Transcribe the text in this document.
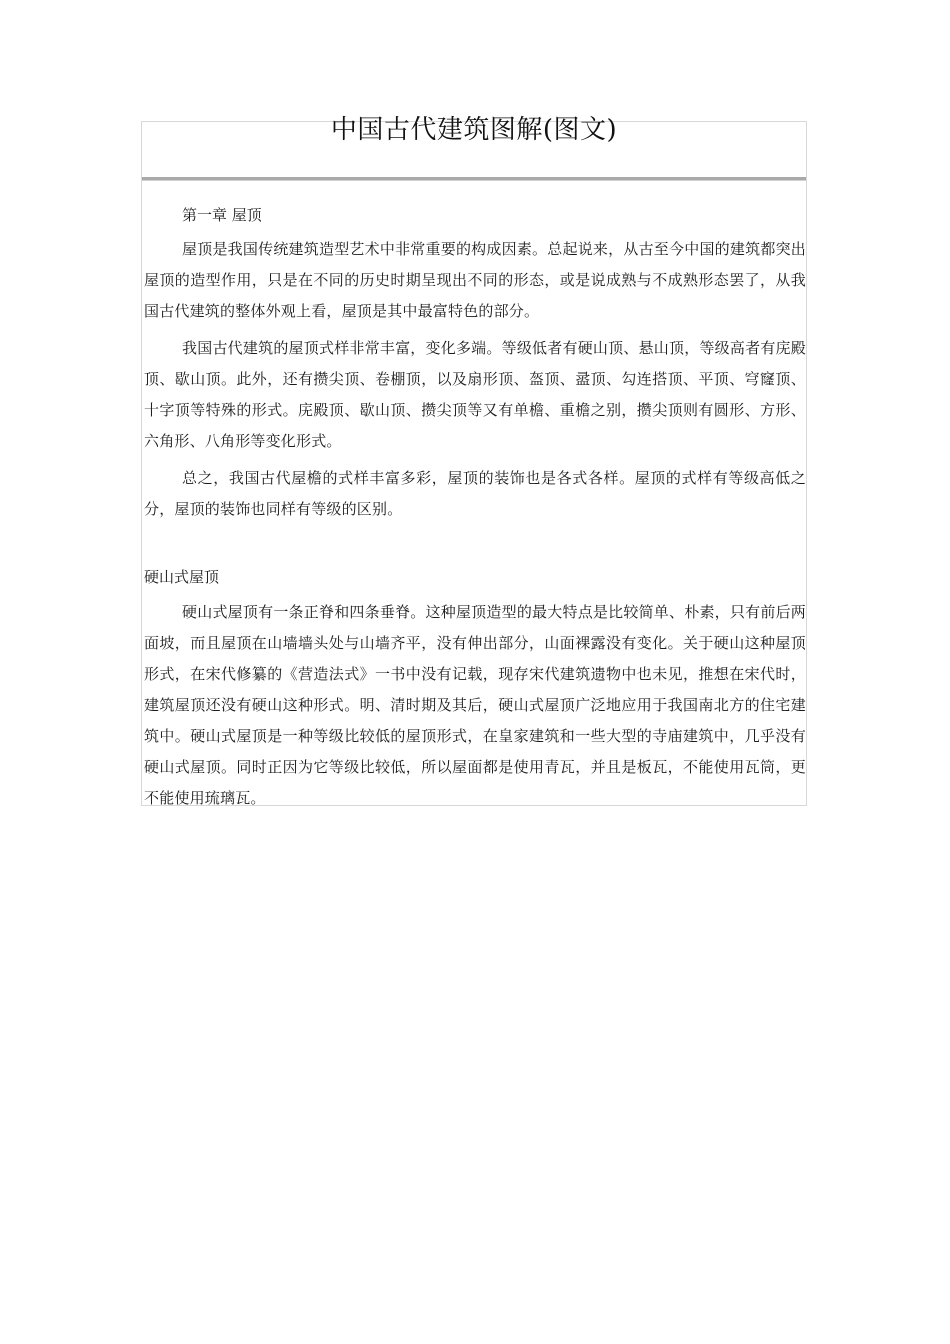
中国古代建筑图解(图文)

第一章 屋顶

屋顶是我国传统建筑造型艺术中非常重要的构成因素。总起说来，从古至今中国的建筑都突出屋顶的造型作用，只是在不同的历史时期呈现出不同的形态，或是说成熟与不成熟形态罢了，从我国古代建筑的整体外观上看，屋顶是其中最富特色的部分。

我国古代建筑的屋顶式样非常丰富，变化多端。等级低者有硬山顶、悬山顶，等级高者有庑殿顶、歇山顶。此外，还有攒尖顶、卷棚顶，以及扇形顶、盔顶、盝顶、勾连搭顶、平顶、穹窿顶、十字顶等特殊的形式。庑殿顶、歇山顶、攒尖顶等又有单檐、重檐之别，攒尖顶则有圆形、方形、六角形、八角形等变化形式。

总之，我国古代屋檐的式样丰富多彩，屋顶的装饰也是各式各样。屋顶的式样有等级高低之分，屋顶的装饰也同样有等级的区别。

硬山式屋顶

硬山式屋顶有一条正脊和四条垂脊。这种屋顶造型的最大特点是比较简单、朴素，只有前后两面坡，而且屋顶在山墙墙头处与山墙齐平，没有伸出部分，山面裸露没有变化。关于硬山这种屋顶形式，在宋代修纂的《营造法式》一书中没有记载，现存宋代建筑遗物中也未见，推想在宋代时，建筑屋顶还没有硬山这种形式。明、清时期及其后，硬山式屋顶广泛地应用于我国南北方的住宅建筑中。硬山式屋顶是一种等级比较低的屋顶形式，在皇家建筑和一些大型的寺庙建筑中，几乎没有硬山式屋顶。同时正因为它等级比较低，所以屋面都是使用青瓦，并且是板瓦，不能使用瓦筒，更不能使用琉璃瓦。
